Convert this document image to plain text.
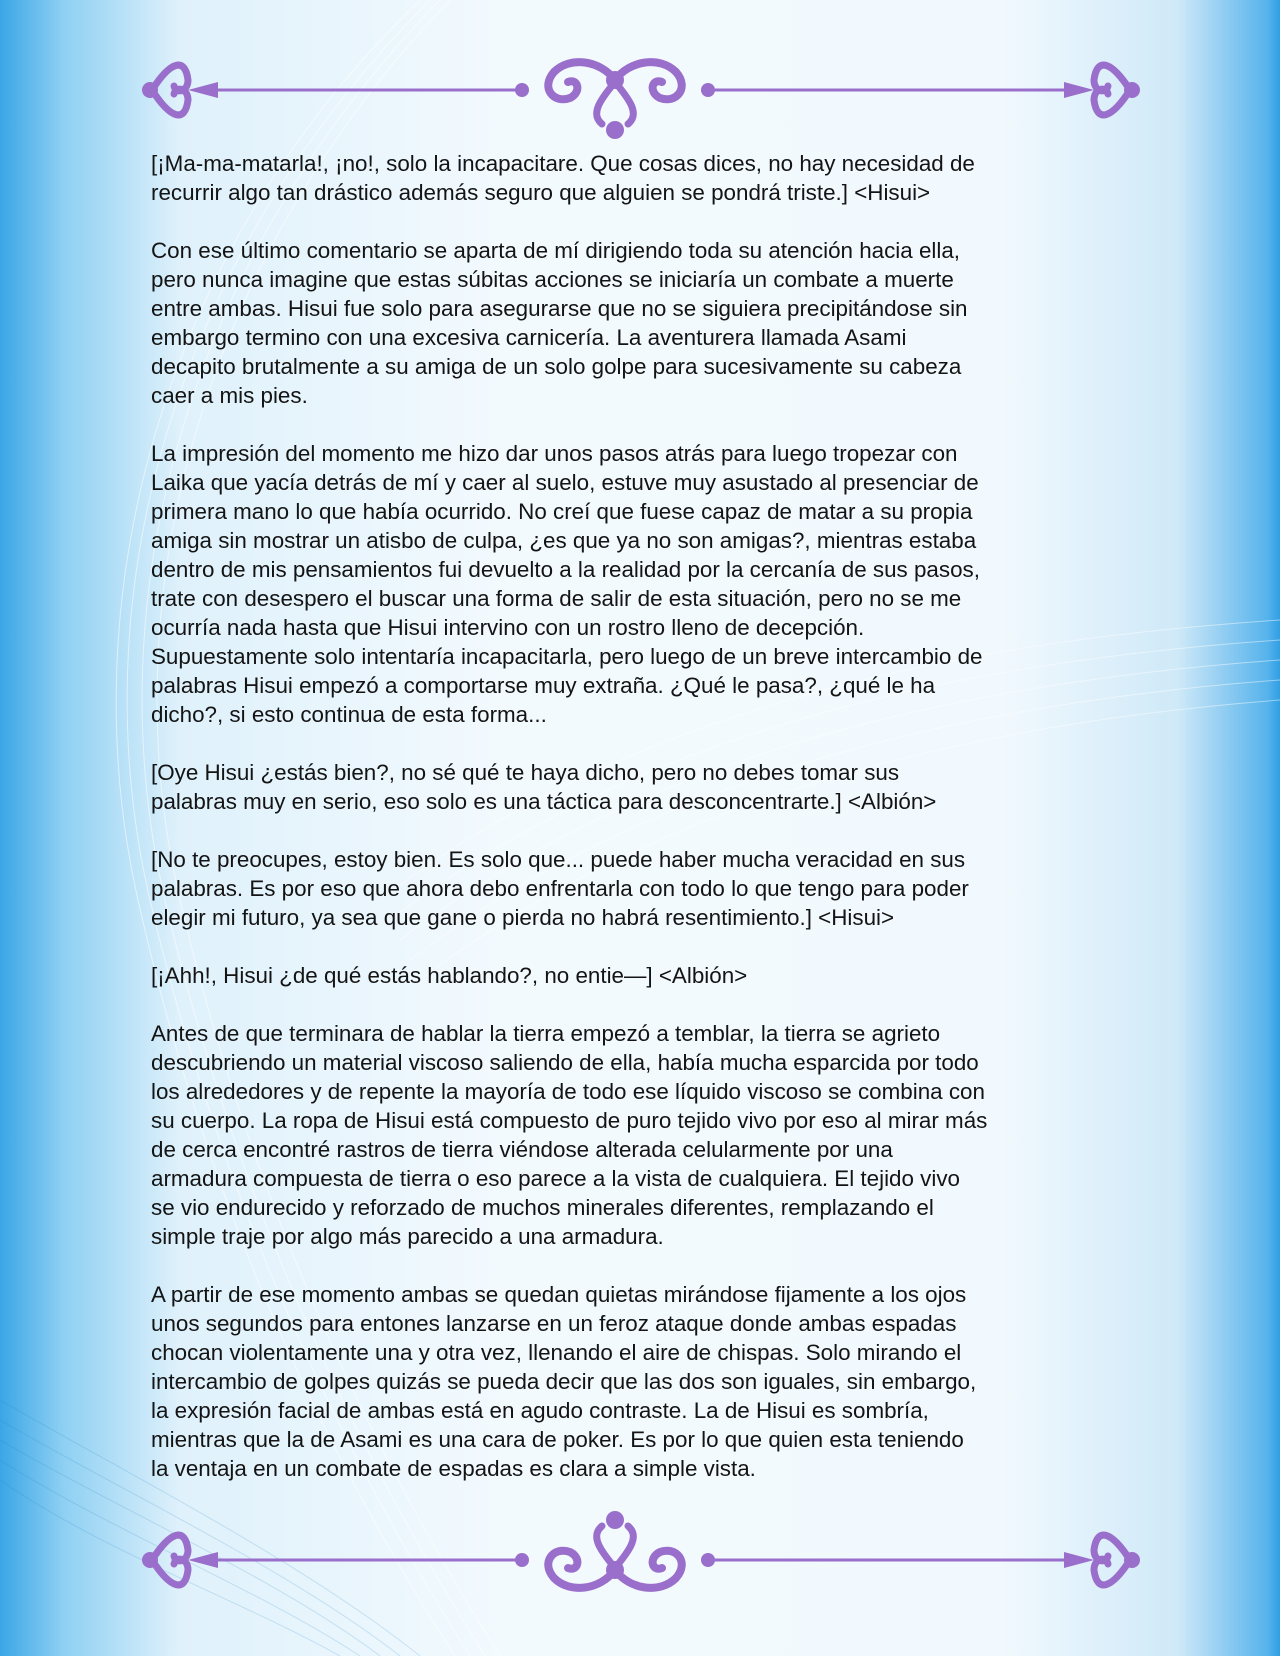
[¡Ma-ma-matarla!, ¡no!, solo la incapacitare. Que cosas dices, no hay necesidad de
recurrir algo tan drástico además seguro que alguien se pondrá triste.] <Hisui>

Con ese último comentario se aparta de mí dirigiendo toda su atención hacia ella,
pero nunca imagine que estas súbitas acciones se iniciaría un combate a muerte
entre ambas. Hisui fue solo para asegurarse que no se siguiera precipitándose sin
embargo termino con una excesiva carnicería. La aventurera llamada Asami
decapito brutalmente a su amiga de un solo golpe para sucesivamente su cabeza
caer a mis pies.

La impresión del momento me hizo dar unos pasos atrás para luego tropezar con
Laika que yacía detrás de mí y caer al suelo, estuve muy asustado al presenciar de
primera mano lo que había ocurrido. No creí que fuese capaz de matar a su propia
amiga sin mostrar un atisbo de culpa, ¿es que ya no son amigas?, mientras estaba
dentro de mis pensamientos fui devuelto a la realidad por la cercanía de sus pasos,
trate con desespero el buscar una forma de salir de esta situación, pero no se me
ocurría nada hasta que Hisui intervino con un rostro lleno de decepción.
Supuestamente solo intentaría incapacitarla, pero luego de un breve intercambio de
palabras Hisui empezó a comportarse muy extraña. ¿Qué le pasa?, ¿qué le ha
dicho?, si esto continua de esta forma...

[Oye Hisui ¿estás bien?, no sé qué te haya dicho, pero no debes tomar sus
palabras muy en serio, eso solo es una táctica para desconcentrarte.] <Albión>

[No te preocupes, estoy bien. Es solo que... puede haber mucha veracidad en sus
palabras. Es por eso que ahora debo enfrentarla con todo lo que tengo para poder
elegir mi futuro, ya sea que gane o pierda no habrá resentimiento.] <Hisui>

[¡Ahh!, Hisui ¿de qué estás hablando?, no entie—] <Albión>

Antes de que terminara de hablar la tierra empezó a temblar, la tierra se agrieto
descubriendo un material viscoso saliendo de ella, había mucha esparcida por todo
los alrededores y de repente la mayoría de todo ese líquido viscoso se combina con
su cuerpo. La ropa de Hisui está compuesto de puro tejido vivo por eso al mirar más
de cerca encontré rastros de tierra viéndose alterada celularmente por una
armadura compuesta de tierra o eso parece a la vista de cualquiera. El tejido vivo
se vio endurecido y reforzado de muchos minerales diferentes, remplazando el
simple traje por algo más parecido a una armadura.

A partir de ese momento ambas se quedan quietas mirándose fijamente a los ojos
unos segundos para entones lanzarse en un feroz ataque donde ambas espadas
chocan violentamente una y otra vez, llenando el aire de chispas. Solo mirando el
intercambio de golpes quizás se pueda decir que las dos son iguales, sin embargo,
la expresión facial de ambas está en agudo contraste. La de Hisui es sombría,
mientras que la de Asami es una cara de poker. Es por lo que quien esta teniendo
la ventaja en un combate de espadas es clara a simple vista.
